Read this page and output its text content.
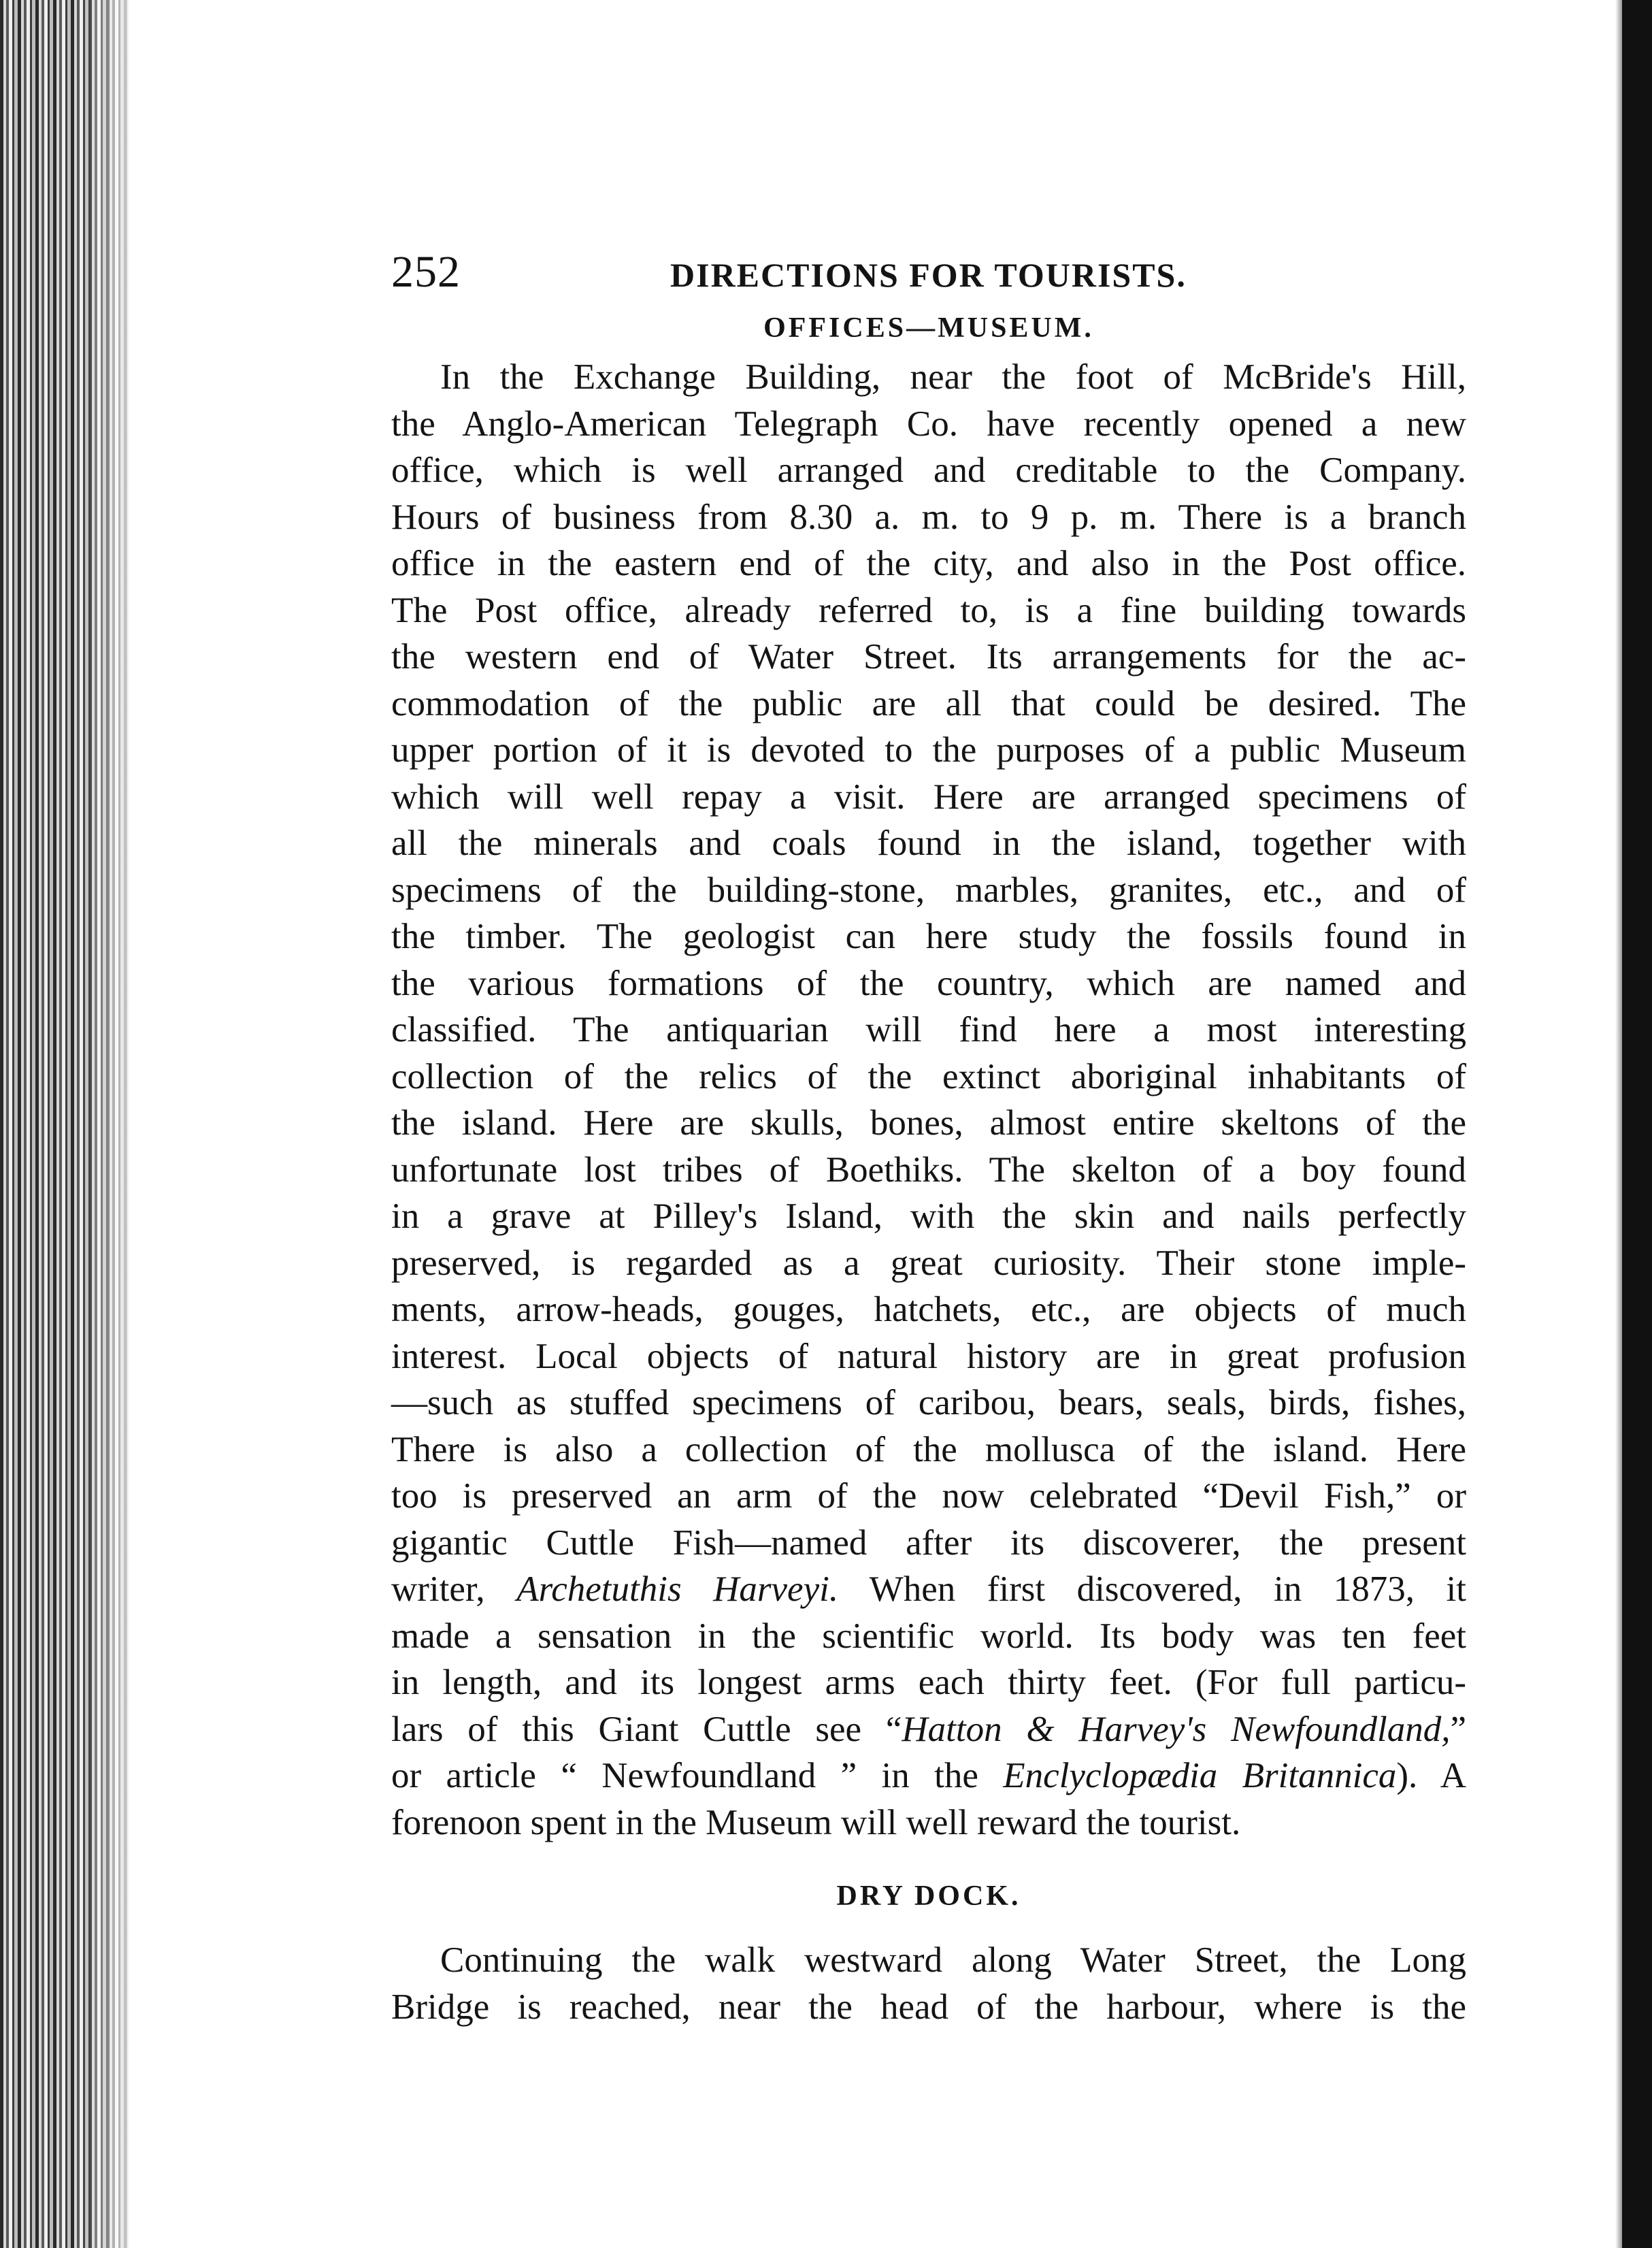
252	DIRECTIONS FOR TOURISTS.
OFFICES—MUSEUM.
In the Exchange Building, near the foot of McBride's Hill,
the Anglo-American Telegraph Co. have recently opened a new
office, which is well arranged and creditable to the Company.
Hours of business from 8.30 a. m. to 9 p. m. There is a branch
office in the eastern end of the city, and also in the Post office.
The Post office, already referred to, is a fine building towards
the western end of Water Street. Its arrangements for the ac-
commodation of the public are all that could be desired. The
upper portion of it is devoted to the purposes of a public Museum
which will well repay a visit. Here are arranged specimens of
all the minerals and coals found in the island, together with
specimens of the building-stone, marbles, granites, etc., and of
the timber. The geologist can here study the fossils found in
the various formations of the country, which are named and
classified. The antiquarian will find here a most interesting
collection of the relics of the extinct aboriginal inhabitants of
the island. Here are skulls, bones, almost entire skeltons of the
unfortunate lost tribes of Boethiks. The skelton of a boy found
in a grave at Pilley's Island, with the skin and nails perfectly
preserved, is regarded as a great curiosity. Their stone imple-
ments, arrow-heads, gouges, hatchets, etc., are objects of much
interest. Local objects of natural history are in great profusion
—such as stuffed specimens of caribou, bears, seals, birds, fishes,
There is also a collection of the mollusca of the island. Here
too is preserved an arm of the now celebrated “Devil Fish,” or
gigantic Cuttle Fish—named after its discoverer, the present
writer, Archetuthis Harveyi. When first discovered, in 1873, it
made a sensation in the scientific world. Its body was ten feet
in length, and its longest arms each thirty feet. (For full particu-
lars of this Giant Cuttle see “Hatton & Harvey's Newfoundland,”
or article “ Newfoundland ” in the Enclyclopædia Britannica). A
forenoon spent in the Museum will well reward the tourist.
DRY DOCK.
Continuing the walk westward along Water Street, the Long
Bridge is reached, near the head of the harbour, where is the
